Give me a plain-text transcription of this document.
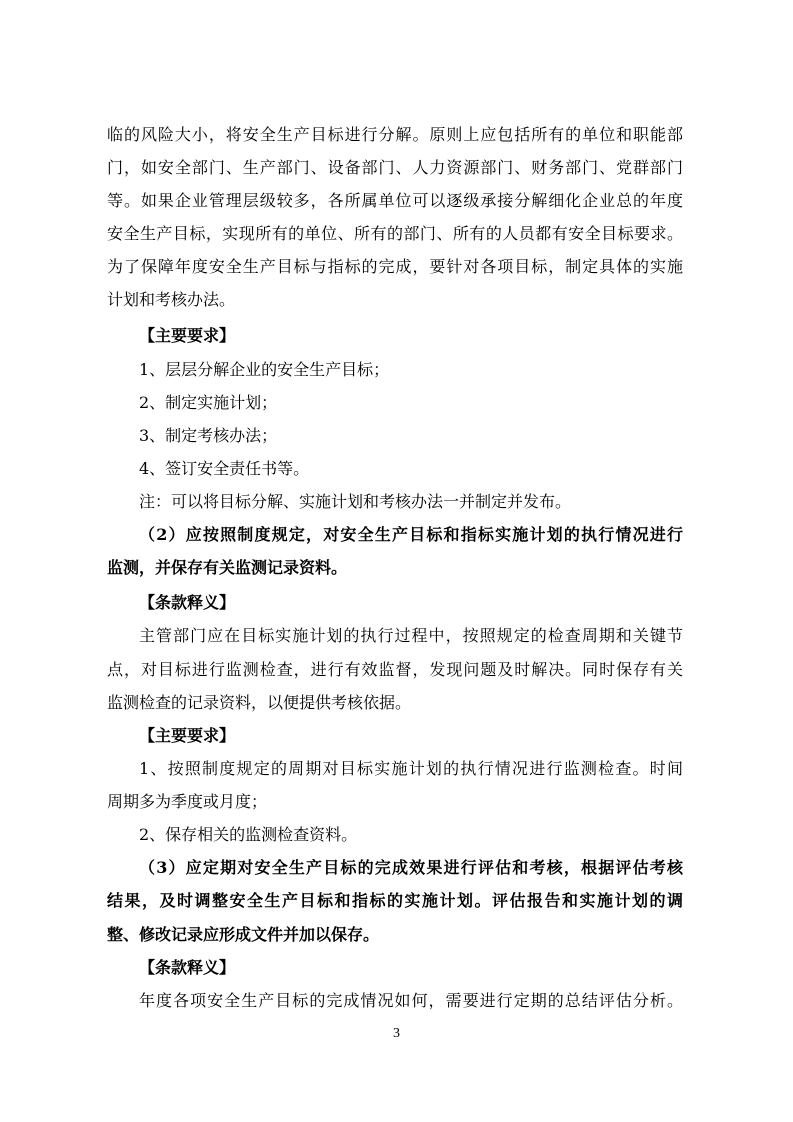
临的风险大小，将安全生产目标进行分解。原则上应包括所有的单位和职能部
门，如安全部门、生产部门、设备部门、人力资源部门、财务部门、党群部门
等。如果企业管理层级较多，各所属单位可以逐级承接分解细化企业总的年度
安全生产目标，实现所有的单位、所有的部门、所有的人员都有安全目标要求。
为了保障年度安全生产目标与指标的完成，要针对各项目标，制定具体的实施
计划和考核办法。
【主要要求】
1、层层分解企业的安全生产目标；
2、制定实施计划；
3、制定考核办法；
4、签订安全责任书等。
注：可以将目标分解、实施计划和考核办法一并制定并发布。
（2）应按照制度规定，对安全生产目标和指标实施计划的执行情况进行
监测，并保存有关监测记录资料。
【条款释义】
主管部门应在目标实施计划的执行过程中，按照规定的检查周期和关键节
点，对目标进行监测检查，进行有效监督，发现问题及时解决。同时保存有关
监测检查的记录资料，以便提供考核依据。
【主要要求】
1、按照制度规定的周期对目标实施计划的执行情况进行监测检查。时间
周期多为季度或月度；
2、保存相关的监测检查资料。
（3）应定期对安全生产目标的完成效果进行评估和考核，根据评估考核
结果，及时调整安全生产目标和指标的实施计划。评估报告和实施计划的调
整、修改记录应形成文件并加以保存。
【条款释义】
年度各项安全生产目标的完成情况如何，需要进行定期的总结评估分析。
3
